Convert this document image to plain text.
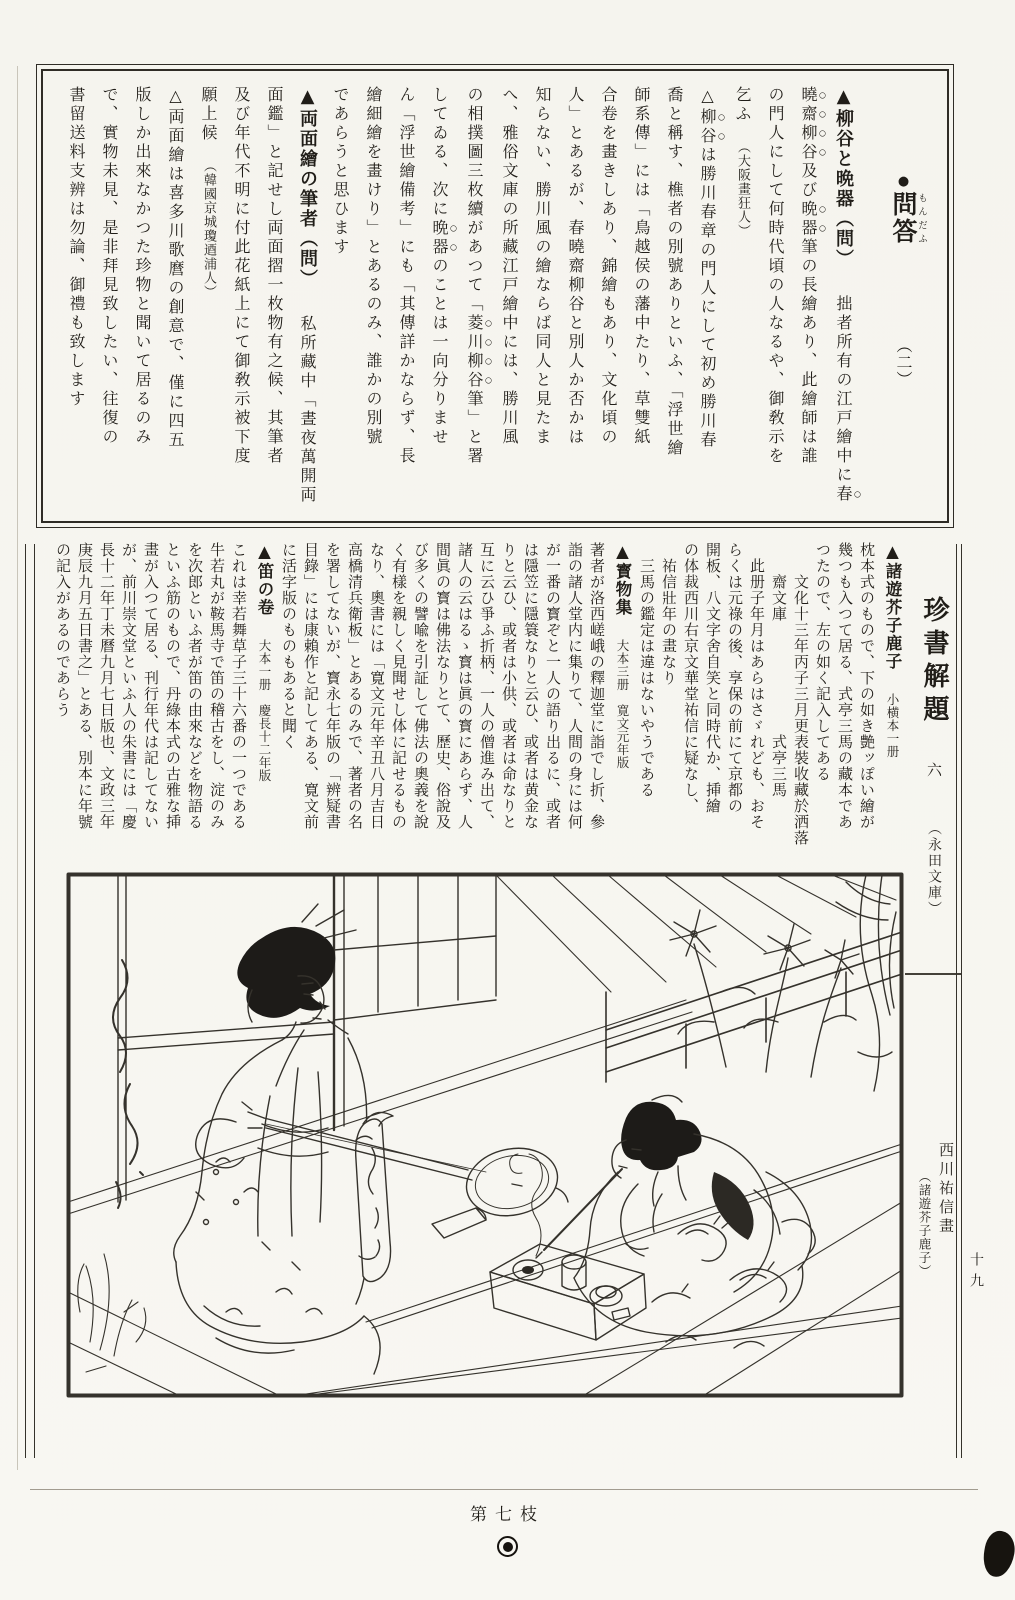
●問答もんだふ（二）

▲柳谷と晩器（問）拙者所有の江戸繪中に春

曉齋柳谷及び晩器筆の長繪あり、此繪師は誰

の門人にして何時代頃の人なるや、御敎示を

乞ふ（大阪畫狂人）

△柳谷は勝川春章の門人にして初め勝川春

喬と稱す、樵者の別號ありといふ、「浮世繪

師系傳」には「鳥越侯の藩中たり、草雙紙

合卷を畫きしあり、錦繪もあり、文化頃の

人」とあるが、春曉齋柳谷と別人か否かは

知らない、勝川風の繪ならば同人と見たま

へ、雅俗文庫の所藏江戸繪中には、勝川風

の相撲圖三枚續があつて「菱川柳谷筆」と署

してゐる、次に晩器のことは一向分りませ

ん「浮世繪備考」にも「其傳詳かならず、長

繪細繪を畫けり」とあるのみ、誰かの別號

であらうと思ひます

▲両面繪の筆者（問）私所藏中「晝夜萬開両

面鑑」と記せし両面摺一枚物有之候、其筆者

及び年代不明に付此花紙上にて御敎示被下度

願上候（韓國京城瓊逎浦人）

△両面繪は喜多川歌麿の創意で、僅に四五

版しか出來なかつた珍物と聞いて居るのみ

で、實物未見、是非拜見致したい、往復の

書留送料支辨は勿論、御禮も致します

珍書解題六（永田文庫）

▲諸遊芥子鹿子小横本一册

枕本式のもので、下の如き艶ッぽい繪が

幾つも入つて居る、式亭三馬の藏本であ

つたので、左の如く記入してある

　　文化十三年丙子三月更表裝收藏於洒落

　　齋文庫　　　　　　　式亭三馬

　此册子年月はあらはさゞれども、おそ

らくは元祿の後、享保の前にて京都の

開板、八文字舍自笑と同時代か、挿繪

の体裁西川右京文華堂祐信に疑なし、

　祐信壯年の畫なり

　三馬の鑑定は違はないやうである

▲寳物集大本三册　寛文元年版

著者が洛西嵯峨の釋迦堂に詣でし折、參

詣の諸人堂内に集りて、人間の身には何

が一番の寳ぞと一人の語り出るに、或者

は隱笠に隱簑なりと云ひ、或者は黄金な

りと云ひ、或者は小供、或者は命なりと

互に云ひ爭ふ折柄、一人の僧進み出て、

諸人の云はるゝ寳は眞の寳にあらず、人

間眞の寳は佛法なりとて、歷史、俗說及

び多くの譬喩を引証して佛法の奧義を說

く有樣を親しく見聞せし体に記せるもの

なり、奧書には「寛文元年辛丑八月吉日

高橋清兵衛板」とあるのみで、著者の名

を署してないが、寳永七年版の「辨疑書

目錄」には康賴作と記してある、寛文前

に活字版のものもあると聞く

▲笛の卷大本一册　慶長十二年版

これは幸若舞草子三十六番の一つである

牛若丸が鞍馬寺で笛の稽古をし、淀のみ

を次郎といふ者が笛の由來などを物語る

といふ筋のもので、丹綠本式の古雅な挿

畫が入つて居る、刊行年代は記してない

が、前川崇文堂といふ人の朱書には「慶

長十二年丁未曆九月七日版也、文政三年

庚辰九月五日書之」とある、別本に年號

の記入があるのであらう

十九

西川祐信畫

（諸遊芥子鹿子）

第七枝
